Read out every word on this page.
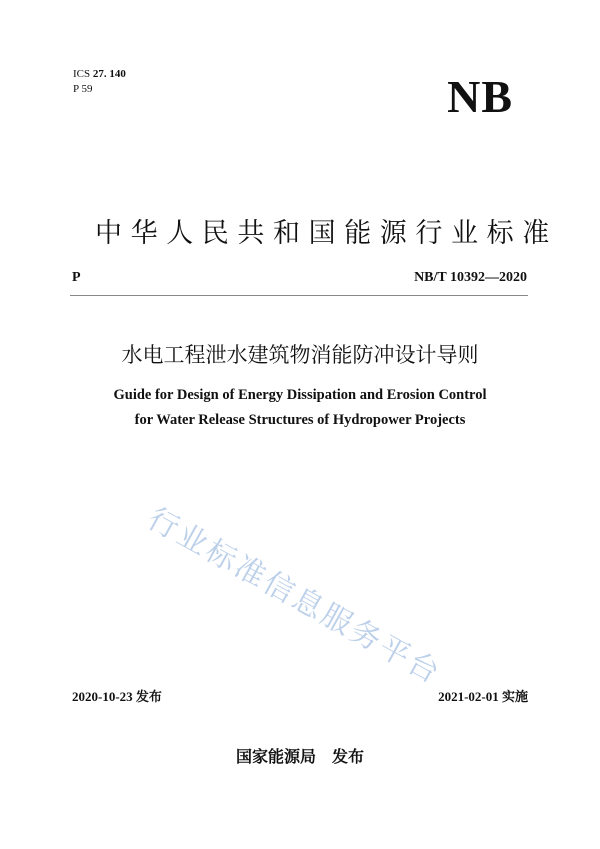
ICS 27. 140
P 59	NB
中华人民共和国能源行业标准
P	NB/T 10392—2020
水电工程泄水建筑物消能防冲设计导则
Guide for Design of Energy Dissipation and Erosion Control
for Water Release Structures of Hydropower Projects
行业标准信息服务平台
2020-10-23 发布	2021-02-01 实施
国家能源局　发布
